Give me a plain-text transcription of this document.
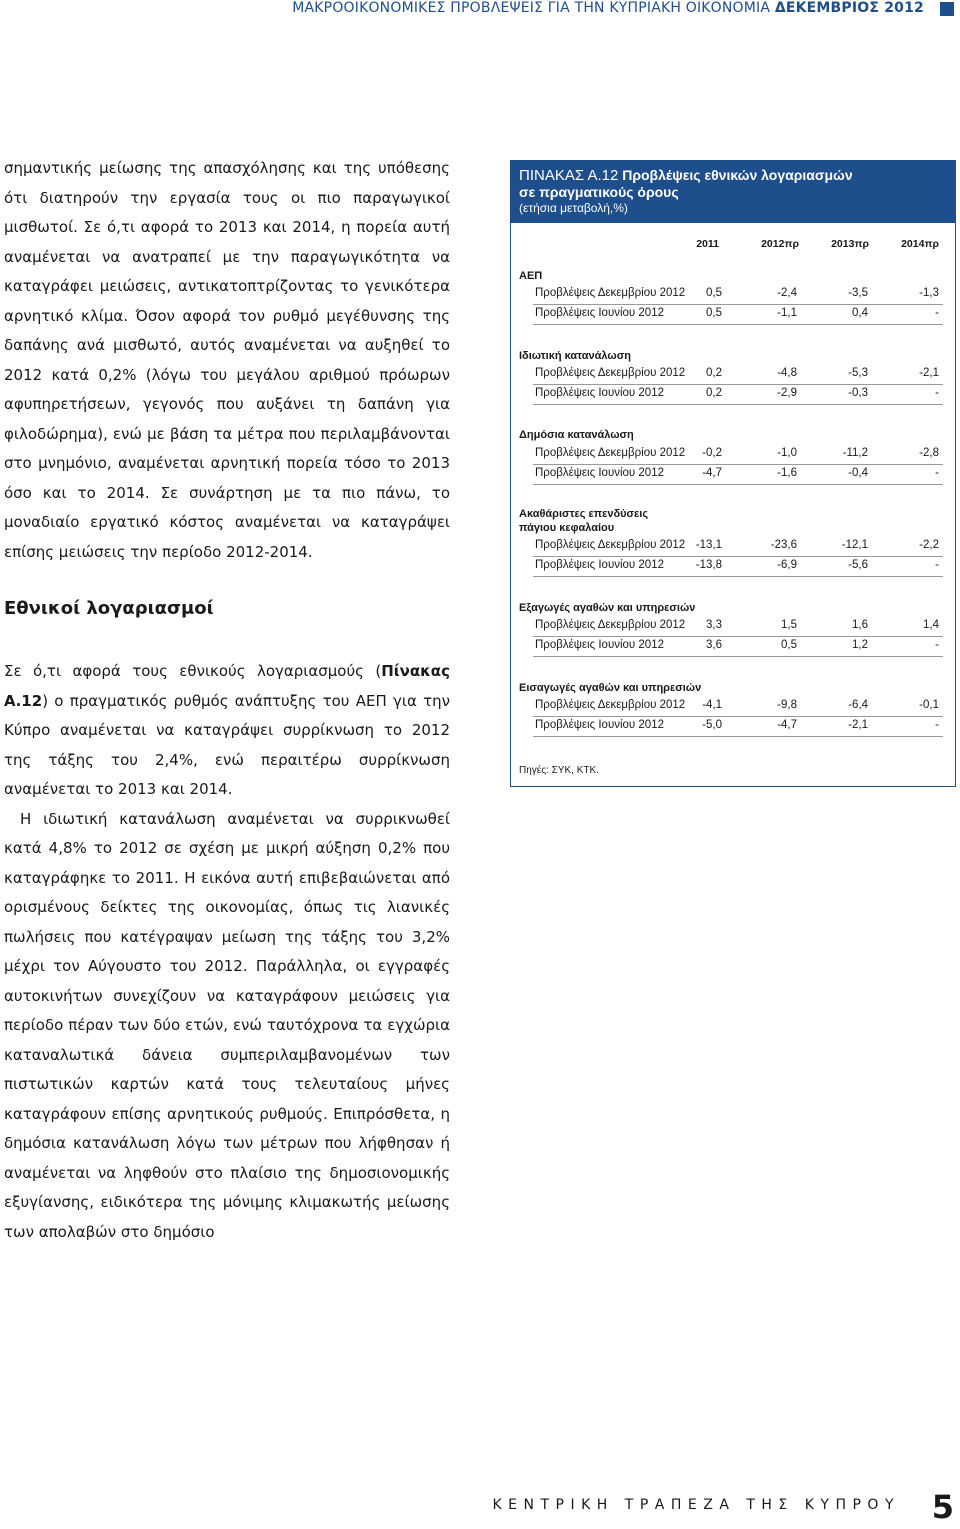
ΜΑΚΡΟΟΙΚΟΝΟΜΙΚΕΣ ΠΡΟΒΛΕΨΕΙΣ ΓΙΑ ΤΗΝ ΚΥΠΡΙΑΚΗ ΟΙΚΟΝΟΜΙΑ ΔΕΚΕΜΒΡΙΟΣ 2012

σημαντικής μείωσης της απασχόλησης και της υπόθεσης ότι διατηρούν την εργασία τους οι πιο παραγωγικοί μισθωτοί. Σε ό,τι αφορά το 2013 και 2014, η πορεία αυτή αναμένεται να ανατραπεί με την παραγωγικότητα να καταγράφει μειώσεις, αντικατοπτρίζοντας το γενικότερα αρνητικό κλίμα. Όσον αφορά τον ρυθμό μεγέθυνσης της δαπάνης ανά μισθωτό, αυτός αναμένεται να αυξηθεί το 2012 κατά 0,2% (λόγω του μεγάλου αριθμού πρόωρων αφυπηρετήσεων, γεγονός που αυξάνει τη δαπάνη για φιλοδώρημα), ενώ με βάση τα μέτρα που περιλαμβάνονται στο μνημόνιο, αναμένεται αρνητική πορεία τόσο το 2013 όσο και το 2014. Σε συνάρτηση με τα πιο πάνω, το μοναδιαίο εργατικό κόστος αναμένεται να καταγράψει επίσης μειώσεις την περίοδο 2012-2014.

Εθνικοί λογαριασμοί

Σε ό,τι αφορά τους εθνικούς λογαριασμούς (Πίνακας Α.12) ο πραγματικός ρυθμός ανάπτυξης του ΑΕΠ για την Κύπρο αναμένεται να καταγράψει συρρίκνωση το 2012 της τάξης του 2,4%, ενώ περαιτέρω συρρίκνωση αναμένεται το 2013 και 2014.

Η ιδιωτική κατανάλωση αναμένεται να συρρικνωθεί κατά 4,8% το 2012 σε σχέση με μικρή αύξηση 0,2% που καταγράφηκε το 2011. Η εικόνα αυτή επιβεβαιώνεται από ορισμένους δείκτες της οικονομίας, όπως τις λιανικές πωλήσεις που κατέγραψαν μείωση της τάξης του 3,2% μέχρι τον Αύγουστο του 2012. Παράλληλα, οι εγγραφές αυτοκινήτων συνεχίζουν να καταγράφουν μειώσεις για περίοδο πέραν των δύο ετών, ενώ ταυτόχρονα τα εγχώρια καταναλωτικά δάνεια συμπεριλαμβανομένων των πιστωτικών καρτών κατά τους τελευταίους μήνες καταγράφουν επίσης αρνητικούς ρυθμούς. Επιπρόσθετα, η δημόσια κατανάλωση λόγω των μέτρων που λήφθησαν ή αναμένεται να ληφθούν στο πλαίσιο της δημοσιονομικής εξυγίανσης, ειδικότερα της μόνιμης κλιμακωτής μείωσης των απολαβών στο δημόσιο

ΠΙΝΑΚΑΣ Α.12 Προβλέψεις εθνικών λογαριασμών
σε πραγματικούς όρους
(ετήσια μεταβολή,%)
2011	2012πρ	2013πρ	2014πρ
ΑΕΠ
Προβλέψεις Δεκεμβρίου 2012	0,5	-2,4	-3,5	-1,3
Προβλέψεις Ιουνίου 2012	0,5	-1,1	0,4	-
Ιδιωτική κατανάλωση
Προβλέψεις Δεκεμβρίου 2012	0,2	-4,8	-5,3	-2,1
Προβλέψεις Ιουνίου 2012	0,2	-2,9	-0,3	-
Δημόσια κατανάλωση
Προβλέψεις Δεκεμβρίου 2012	-0,2	-1,0	-11,2	-2,8
Προβλέψεις Ιουνίου 2012	-4,7	-1,6	-0,4	-
Ακαθάριστες επενδύσεις
πάγιου κεφαλαίου
Προβλέψεις Δεκεμβρίου 2012 -13,1	-23,6	-12,1	-2,2
Προβλέψεις Ιουνίου 2012	-13,8	-6,9	-5,6	-
Εξαγωγές αγαθών και υπηρεσιών
Προβλέψεις Δεκεμβρίου 2012	3,3	1,5	1,6	1,4
Προβλέψεις Ιουνίου 2012	3,6	0,5	1,2	-
Εισαγωγές αγαθών και υπηρεσιών
Προβλέψεις Δεκεμβρίου 2012	-4,1	-9,8	-6,4	-0,1
Προβλέψεις Ιουνίου 2012	-5,0	-4,7	-2,1	-
Πηγές: ΣΥΚ, ΚΤΚ.
ΚΕΝΤΡΙΚΗ ΤΡΑΠΕΖΑ ΤΗΣ ΚΥΠΡΟΥ 5
